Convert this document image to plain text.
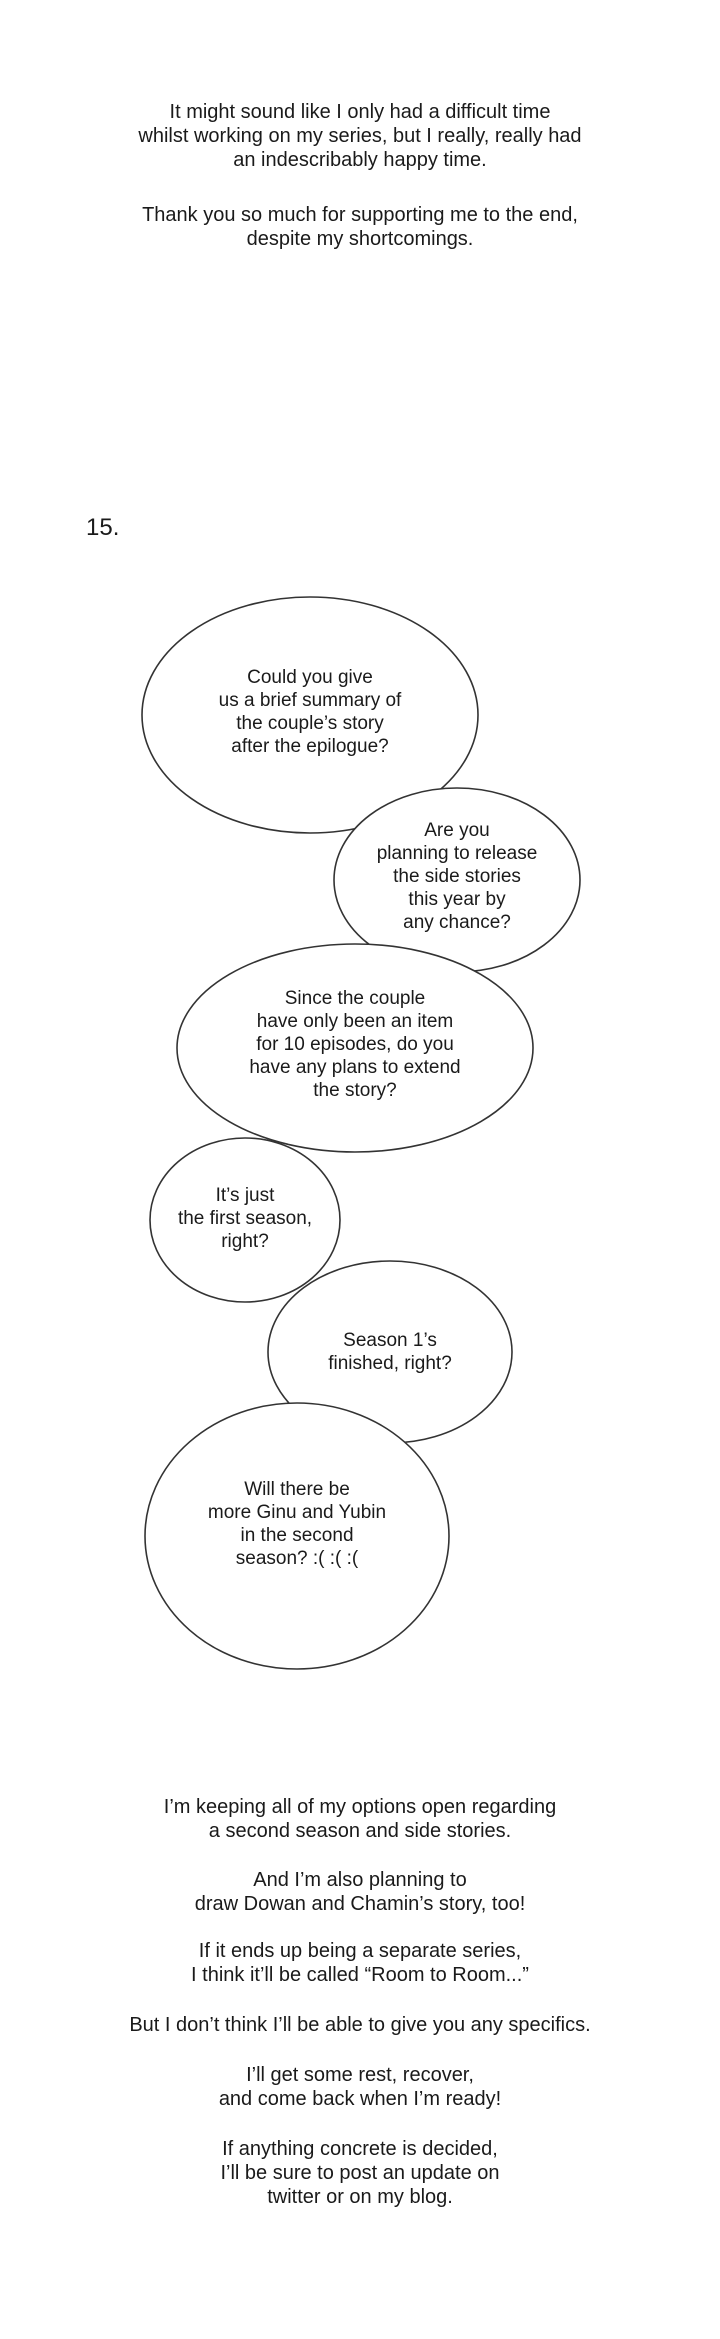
It might sound like I only had a difficult time
whilst working on my series, but I really, really had
an indescribably happy time.

Thank you so much for supporting me to the end,
despite my shortcomings.

15.

Could you give
us a brief summary of
the couple’s story
after the epilogue?
Are you
planning to release
the side stories
this year by
any chance?
Since the couple
have only been an item
for 10 episodes, do you
have any plans to extend
the story?
It’s just
the first season,
right?
Season 1’s
finished, right?
Will there be
more Ginu and Yubin
in the second
season? :( :( :(

I’m keeping all of my options open regarding
a second season and side stories.

And I’m also planning to
draw Dowan and Chamin’s story, too!

If it ends up being a separate series,
I think it’ll be called “Room to Room...”

But I don’t think I’ll be able to give you any specifics.

I’ll get some rest, recover,
and come back when I’m ready!

If anything concrete is decided,
I’ll be sure to post an update on
twitter or on my blog.
